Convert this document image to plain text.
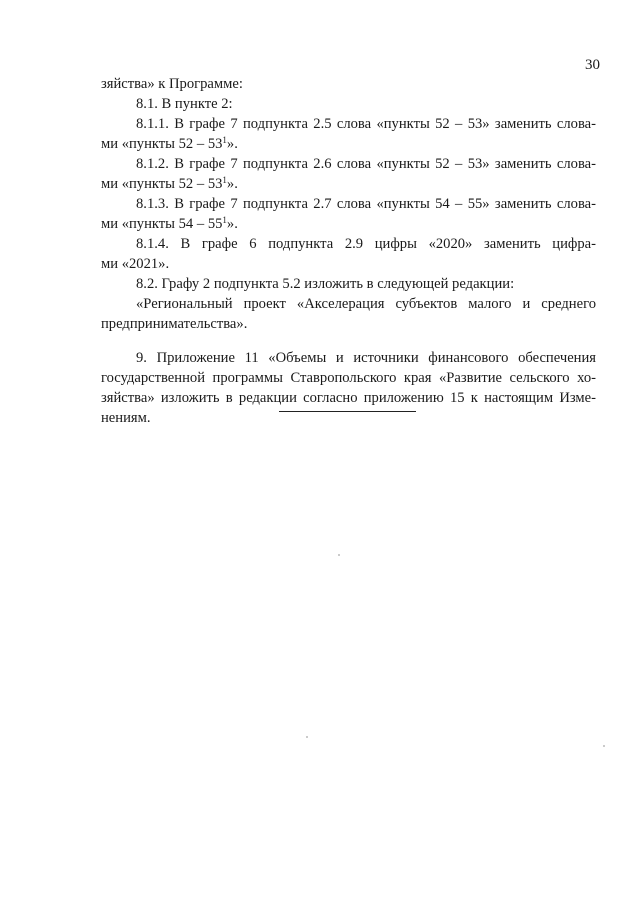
30
зяйства» к Программе:
8.1. В пункте 2:
8.1.1. В графе 7 подпункта 2.5 слова «пункты 52 – 53» заменить слова-
ми «пункты $52 - 53^1$».
8.1.2. В графе 7 подпункта 2.6 слова «пункты 52 – 53» заменить слова-
ми «пункты $52 - 53^1$».
8.1.3. В графе 7 подпункта 2.7 слова «пункты 54 – 55» заменить слова-
ми «пункты $54 - 55^1$».
8.1.4. В графе 6 подпункта 2.9 цифры «2020» заменить цифра-
ми «2021».
8.2. Графу 2 подпункта 5.2 изложить в следующей редакции:
«Региональный проект «Акселерация субъектов малого и среднего
предпринимательства».
9. Приложение 11 «Объемы и источники финансового обеспечения
государственной программы Ставропольского края «Развитие сельского хо-
зяйства» изложить в редакции согласно приложению 15 к настоящим Изме-
нениям.
